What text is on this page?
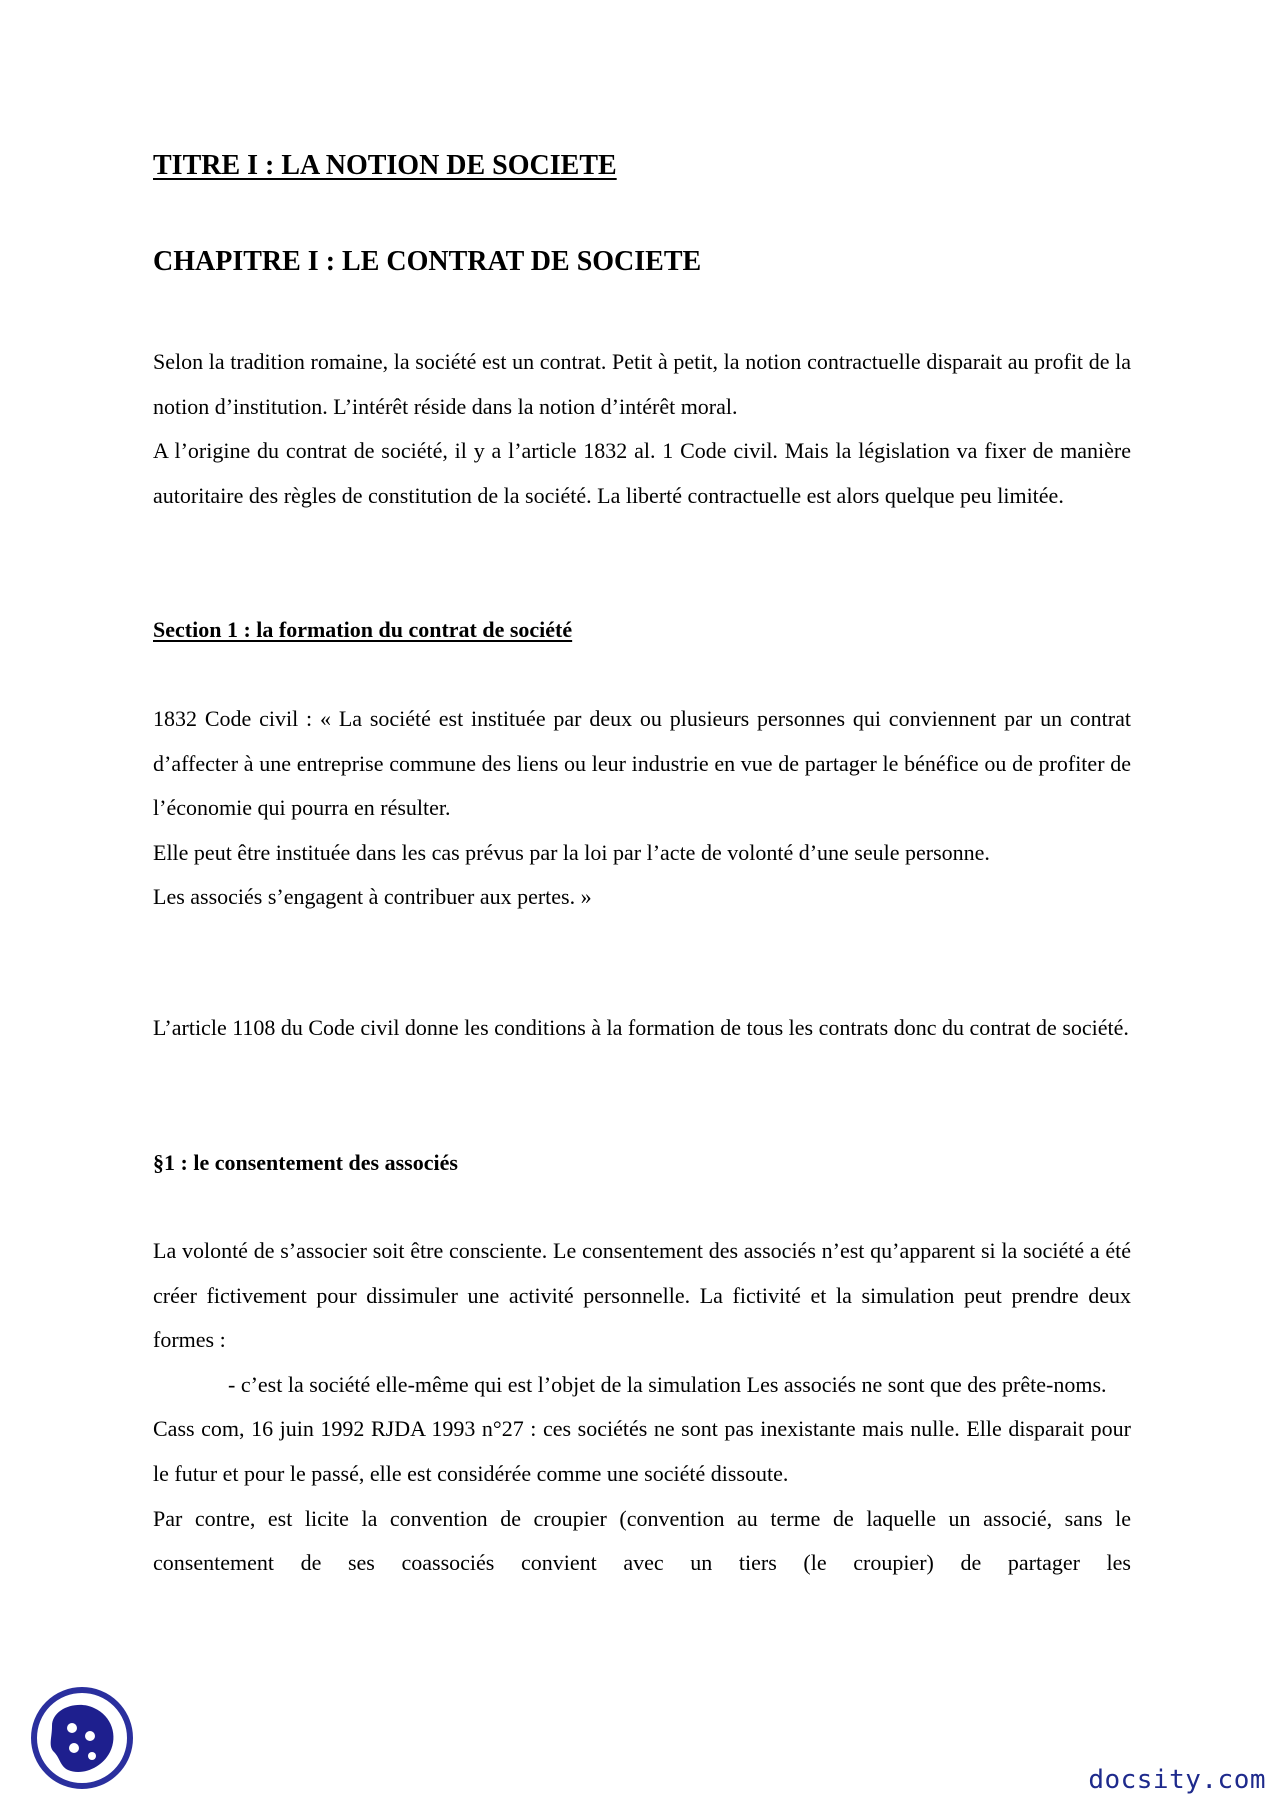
TITRE I : LA NOTION DE SOCIETE
CHAPITRE I : LE CONTRAT DE SOCIETE

Selon la tradition romaine, la société est un contrat. Petit à petit, la notion contractuelle disparait au profit de la notion d’institution. L’intérêt réside dans la notion d’intérêt moral.

A l’origine du contrat de société, il y a l’article 1832 al. 1 Code civil. Mais la législation va fixer de manière autoritaire des règles de constitution de la société. La liberté contractuelle est alors quelque peu limitée.

Section 1 : la formation du contrat de société

1832 Code civil : « La société est instituée par deux ou plusieurs personnes qui conviennent par un contrat d’affecter à une entreprise commune des liens ou leur industrie en vue de partager le bénéfice ou de profiter de l’économie qui pourra en résulter.

Elle peut être instituée dans les cas prévus par la loi par l’acte de volonté d’une seule personne.

Les associés s’engagent à contribuer aux pertes. »

L’article 1108 du Code civil donne les conditions à la formation de tous les contrats donc du contrat de société.

§1 : le consentement des associés

La volonté de s’associer soit être consciente. Le consentement des associés n’est qu’apparent si la société a été créer fictivement pour dissimuler une activité personnelle. La fictivité et la simulation peut prendre deux formes :

- c’est la société elle-même qui est l’objet de la simulation Les associés ne sont que des prête-noms.

Cass com, 16 juin 1992 RJDA 1993 n°27 : ces sociétés ne sont pas inexistante mais nulle. Elle disparait pour le futur et pour le passé, elle est considérée comme une société dissoute.

Par contre, est licite la convention de croupier (convention au terme de laquelle un associé, sans le consentement de ses coassociés convient avec un tiers (le croupier) de partager les

docsity.com
